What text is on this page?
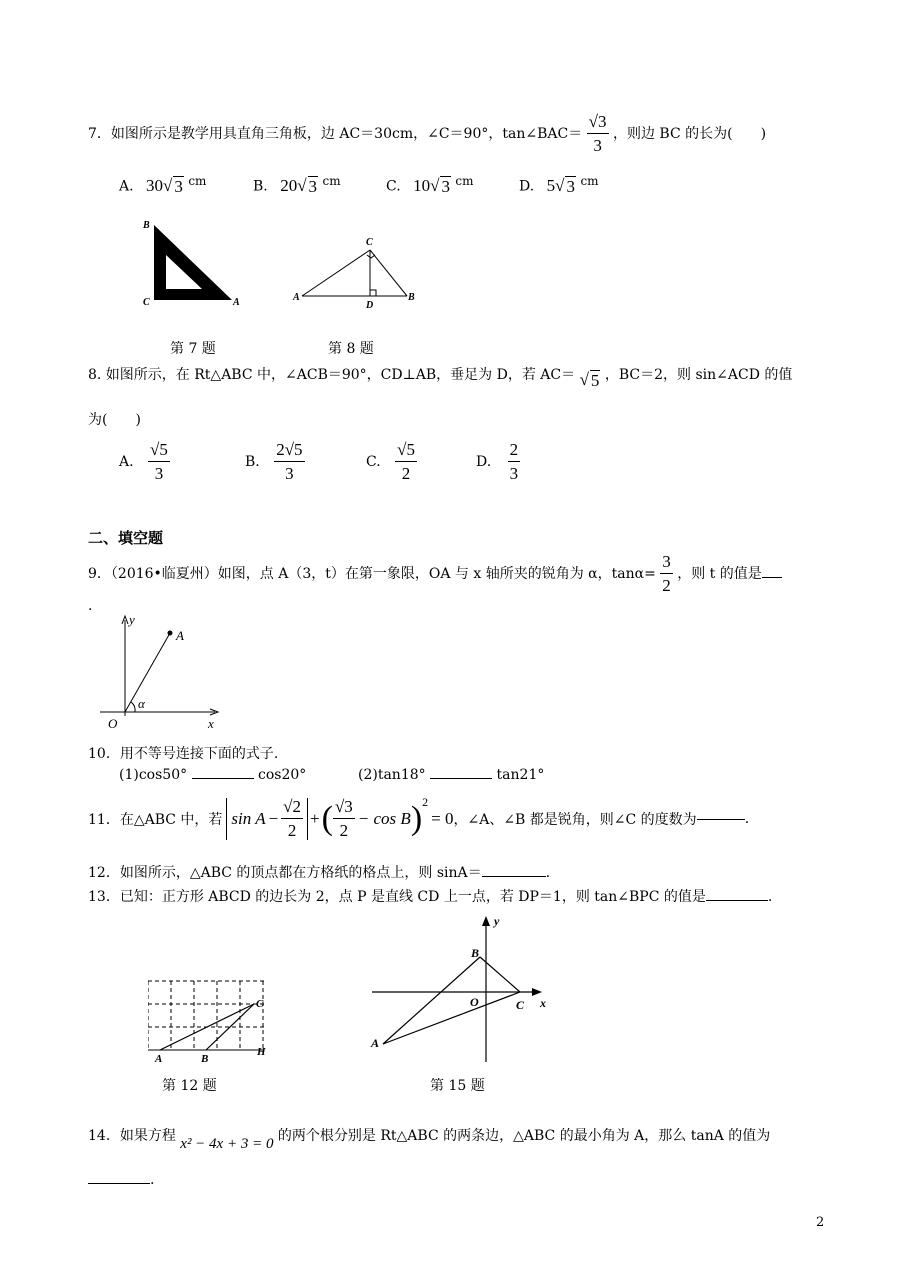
7．如图所示是教学用具直角三角板，边 AC＝30cm，∠C＝90°，tan∠BAC＝ $\frac{√3}{3}$ ，则边 BC 的长为(　　)
A. 30 √ 3 $^{cm}$	B. 20 √ 3 $^{cm}$	C. 10 √ 3 $^{cm}$	D. 5 √ 3 $^{cm}$
B
C	A
C
A
D
B
第 7 题	第 8 题
8. 如图所示，在 Rt△ABC 中，∠ACB＝90°，CD⊥AB，垂足为 D，若 AC＝ √ 5 ，BC＝2，则 sin∠ACD 的值
为(　　)
A. $\frac{√5}{3}$	B. $\frac{2√5}{3}$	C. $\frac{√5}{2}$	D. $\frac{2}{3}$
二、填空题
9．（2016•临夏州）如图，点 A（3，t）在第一象限，OA 与 x 轴所夹的锐角为 α，$\tan\alpha= \frac{3}{2}$ ，则 t 的值是
.
y
A
α
O	x
10．用不等号连接下面的式子.
(1)cos50°	cos20°	(2)tan18°	tan21°
11．在△ABC 中，若 $\sin A - \frac{√2}{2}$ + ( $\frac{√3}{2} - \cos B$ ) 2
= 0 ，∠A、∠B 都是锐角，则∠C 的度数为	.
12．如图所示，△ABC 的顶点都在方格纸的格点上，则 sinA＝	.
13．已知：正方形 ABCD 的边长为 2，点 P 是直线 CD 上一点，若 DP＝1，则 tan∠BPC 的值是	.
C
A	B
H
y
B
O	C x
A
第 12 题	第 15 题
14．如果方程 x² − 4x + 3 = 0 的两个根分别是 Rt△ABC 的两条边，△ABC 的最小角为 A，那么 tanA 的值为
.
2
